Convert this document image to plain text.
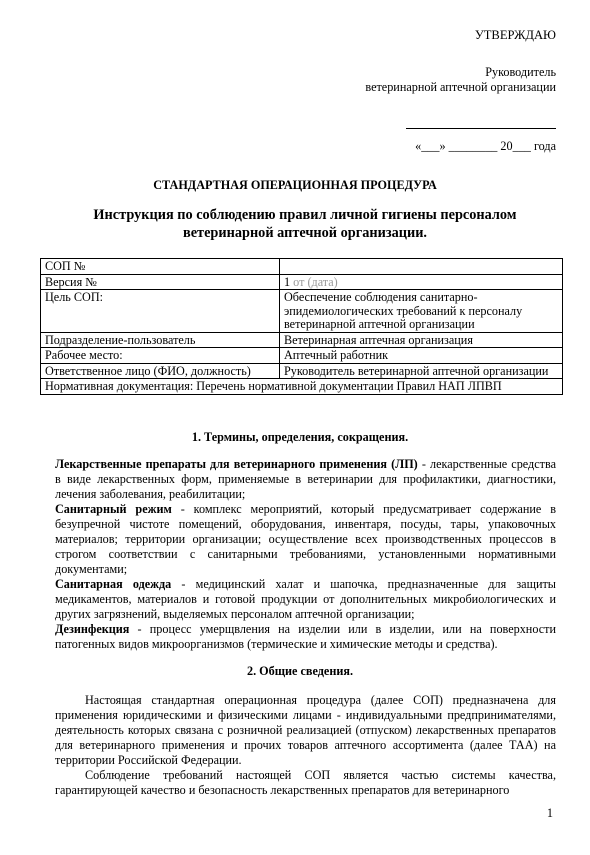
УТВЕРЖДАЮ
Руководитель
ветеринарной аптечной организации
«___» ________ 20___ года
СТАНДАРТНАЯ ОПЕРАЦИОННАЯ ПРОЦЕДУРА
Инструкция по соблюдению правил личной гигиены персоналом ветеринарной аптечной организации.
СОП №	
Версия №	1 от (дата)
Цель СОП:	Обеспечение соблюдения санитарно-эпидемиологических требований к персоналу ветеринарной аптечной организации
Подразделение-пользователь	Ветеринарная аптечная организация
Рабочее место:	Аптечный работник
Ответственное лицо (ФИО, должность)	Руководитель ветеринарной аптечной организации
Нормативная документация: Перечень нормативной документации Правил НАП ЛПВП	
1. Термины, определения, сокращения.

Лекарственные препараты для ветеринарного применения (ЛП) - лекарственные средства в виде лекарственных форм, применяемые в ветеринарии для профилактики, диагностики, лечения заболевания, реабилитации;

Санитарный режим - комплекс мероприятий, который предусматривает содержание в безупречной чистоте помещений, оборудования, инвентаря, посуды, тары, упаковочных материалов; территории организации; осуществление всех производственных процессов в строгом соответствии с санитарными требованиями, установленными нормативными документами;

Санитарная одежда - медицинский халат и шапочка, предназначенные для защиты медикаментов, материалов и готовой продукции от дополнительных микробиологических и других загрязнений, выделяемых персоналом аптечной организации;

Дезинфекция - процесс умерщвления на изделии или в изделии, или на поверхности патогенных видов микроорганизмов (термические и химические методы и средства).

2. Общие сведения.

Настоящая стандартная операционная процедура (далее СОП) предназначена для применения юридическими и физическими лицами - индивидуальными предпринимателями, деятельность которых связана с розничной реализацией (отпуском) лекарственных препаратов для ветеринарного применения и прочих товаров аптечного ассортимента (далее ТАА) на территории Российской Федерации.

Соблюдение требований настоящей СОП является частью системы качества, гарантирующей качество и безопасность лекарственных препаратов для ветеринарного

1
